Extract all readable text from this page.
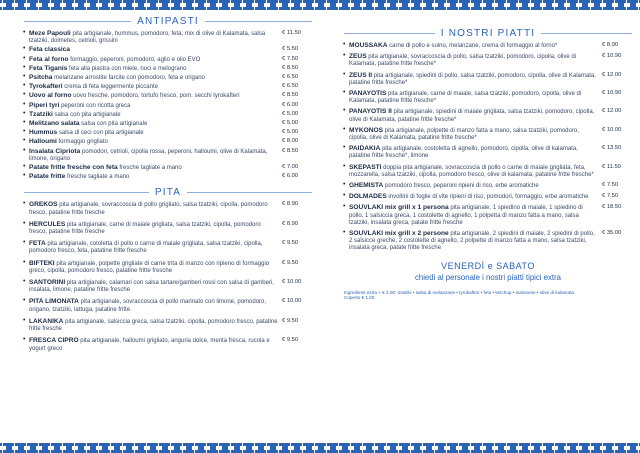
ANTIPASTI
• Meze Papouli pita artigianale, hummus, pomodoro, feta, mix di olive di Kalamata, salsa tzatziki, dolmetes, cetrioli, grissini
€ 11.50
• Feta classica	€ 5.50
• Feta al forno formaggio, peperoni, pomodoro, aglio e olio EVO	€ 7.50
• Feta Tiganis feta alla piastra con miele, noci e melograno	€ 8.50
• Psitcha melanzane arrostite farcite con pomodoro, feta e origano	€ 6.50
• Tyrokafteri crema di feta leggermente piccante	€ 6.50
• Uovo al forno uovo fresche, pomodoro, tortufo fresco, pom. secchi tyrokafteri	€ 8.50
• Piperi tyri peperoni con ricotta greca	€ 6.00
• Tzatziki salsa con pita artigianale	€ 5.00
• Melitzano salata salsa con pita artigianale	€ 5.00
• Hummus salsa di ceci con pita artigianale	€ 5.00
• Halloumi formaggio grigliato	€ 8.00
• Insalata Cipriota pomodori, cetrioli, cipolla rossa, peperoni, halloumi, olive di Kalamata, limone, origano
€ 8.50
• Patate fritte fresche con feta fresche tagliate a mano	€ 7.00
• Patate fritte fresche tagliate a mano	€ 6.00
PITA
• GREKOS pita artigianale, sovraccoscia di pollo grigliato, salsa tzatziki, cipolla, pomodoro fresco, patatine fritte fresche
€ 8.90
• HERCULES pita artigianale, carne di maiale grigliata, salsa tzatziki, cipolla, pomodoro fresco, patatine fritte fresche
€ 8.90
• FETA pita artigianale, cotoletta di pollo o carne di maiale grigliata, salsa tzatziki, cipolla, pomodoro fresco, feta, patatine fritte fresche
€ 9.50
• BIFTEKI pita artigianale, polpette grigliate di carne trita di manzo con ripieno di formaggio greco, cipolla, pomodoro fresco, patatine fritte fresche
€ 9.50
• SANTORINI pita artigianale, calamari con salsa tartare/gamberi rossi con salsa di gamberi, insalata, limone, patatine fritte fresche
€ 10.00
• PITA LIMONATA pita artigianale, sovraccoscia di pollo marinato con limone, pomodoro, origano, tzatziki, lattuga, patatine fritte
€ 10.00
• LAKANIKA pita artigianale, salsiccia greca, salsa tzatziki, cipolla, pomodoro fresco, patatine fritte fresche
€ 9.50
• FRESCA CIPRO pita artigianale, halloumi grigliato, anguria dolce, menta fresca, rucola e yogurt greco
€ 9.50
I NOSTRI PIATTI
• MOUSSAKA carne di pollo e suino, melanzane, crema di formaggio al forno*	€ 8.90
• ZEUS pita artigianale, sovraccoscia di pollo, salsa tzatziki, pomodoro, cipolla, olive di Kalamata, patatine fritte fresche*
€ 10.90
• ZEUS II pita artigianale, spiedini di pollo, salsa tzatziki, pomodoro, cipolla, olive di Kalamata, patatine fritte fresche*
€ 12.00
• PANAYOTIS pita artigianale, carne di maiale, salsa tzatziki, pomodoro, cipolla, olive di Kalamata, patatine fritte fresche*
€ 10.90
• PANAYOTIS II pita artigianale, spiedini di maiale grigliata, salsa tzatziki, pomodoro, cipolla, olive di Kalamata, patatine fritte fresche*
€ 12.00
• MYKONOS pita artigianale, polpette di manzo fatta a mano, salsa tzatziki, pomodoro, cipolla, olive di Kalamata, patatine fritte fresche*
€ 10.00
• PAIDAKIA pita artigianale, costoletta di agnello, pomodoro, cipolla, olive di kalamata, patatine fritte fresche*, limone
€ 13.50
• SKEPASTI doppia pita artigianale, sovraccoscia di pollo o carne di maiale grigliata, feta, mozzarella, salsa tzatziki, cipolla, pomodoro fresco, olive di kalamata, patatine fritte fresche*
€ 11.50
• GHEMISTA pomodoro fresco, peperoni ripieni di riso, erbe aromatiche	€ 7.50
• DOLMADES involtini di foglie di vite ripieni di riso, pomodori, formaggio, erbe aromatiche	€ 7.50
• SOUVLAKI mix grill x 1 persona pita artigianale, 1 spiedino di maiale, 1 spiedino di pollo, 1 salsiccia greca, 1 costolette di agnello, 1 polpetta di manzo fatta a mano, salsa tzatziki, insalata greca, patate fritte fresche
€ 18.50
• SOUVLAKI mix grill x 2 persone pita artigianale, 2 spiedini di maiale, 2 spiedini di pollo, 2 salsicce greche, 2 costolette di agnello, 2 polpette di manzo fatta a mano, salsa tzatziki, insalata greca, patate fritte fresche
€ 35.00
VENERDÌ e SABATO
chiedi al personale i nostri piatti tipici extra
Ingredienti extra + € 1.00: tzatziki • salsa di melanzane • tyrokafteri • feta • ketchup • maionese • olive di kalamata
Coperto € 1.00
